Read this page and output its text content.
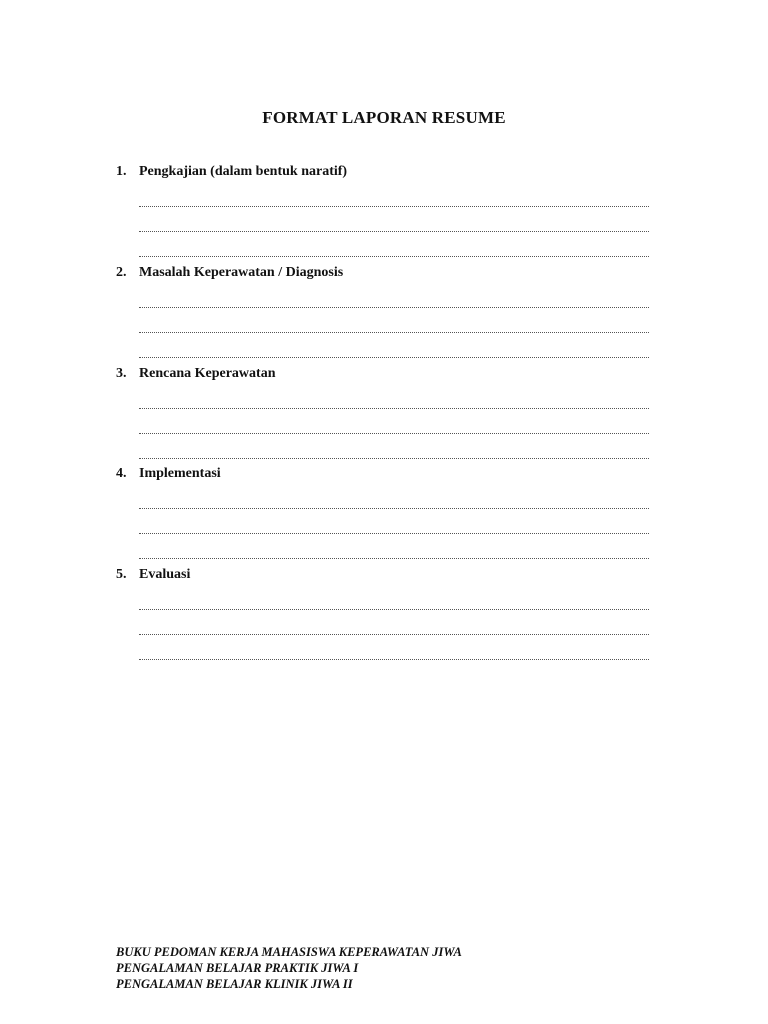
FORMAT LAPORAN RESUME
1. Pengkajian (dalam bentuk naratif)
2. Masalah Keperawatan / Diagnosis
3. Rencana Keperawatan
4. Implementasi
5. Evaluasi
BUKU PEDOMAN KERJA MAHASISWA KEPERAWATAN JIWA
PENGALAMAN BELAJAR PRAKTIK JIWA I
PENGALAMAN BELAJAR KLINIK JIWA II
